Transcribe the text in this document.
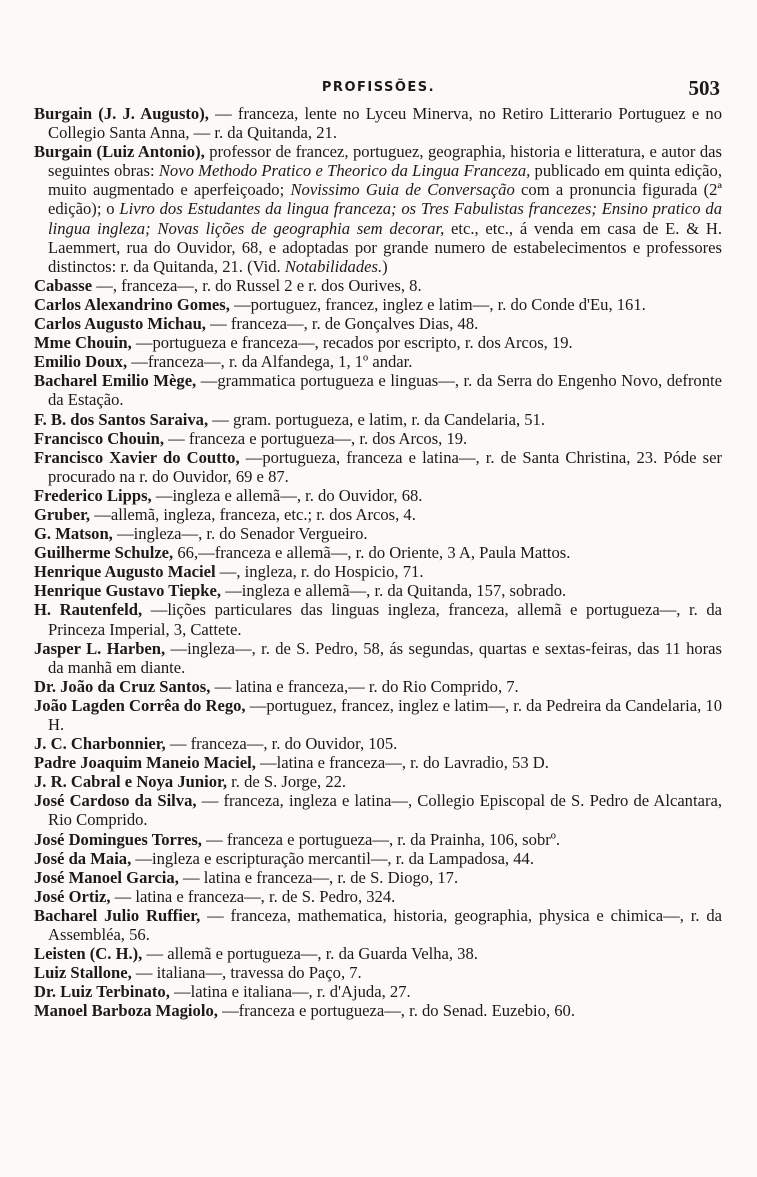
PROFISSÕES.	503

Burgain (J. J. Augusto), — franceza, lente no Lyceu Minerva, no Retiro Litterario Portuguez e no Collegio Santa Anna, — r. da Quitanda, 21.

Burgain (Luiz Antonio), professor de francez, portuguez, geographia, historia e litteratura, e autor das seguintes obras: Novo Methodo Pratico e Theorico da Lingua Franceza, publicado em quinta edição, muito augmentado e aperfeiçoado; Novissimo Guia de Conversação com a pronuncia figurada (2ª edição); o Livro dos Estudantes da lingua franceza; os Tres Fabulistas francezes; Ensino pratico da lingua ingleza; Novas lições de geographia sem decorar, etc., etc., á venda em casa de E. & H. Laemmert, rua do Ouvidor, 68, e adoptadas por grande numero de estabelecimentos e professores distinctos: r. da Quitanda, 21. (Vid. Notabilidades.)

Cabasse —, franceza—, r. do Russel 2 e r. dos Ourives, 8.

Carlos Alexandrino Gomes, —portuguez, francez, inglez e latim—, r. do Conde d'Eu, 161.

Carlos Augusto Michau, — franceza—, r. de Gonçalves Dias, 48.

Mme Chouin, —portugueza e franceza—, recados por escripto, r. dos Arcos, 19.

Emilio Doux, —franceza—, r. da Alfandega, 1, 1º andar.

Bacharel Emilio Mège, —grammatica portugueza e linguas—, r. da Serra do Engenho Novo, defronte da Estação.

F. B. dos Santos Saraiva, — gram. portugueza, e latim, r. da Candelaria, 51.

Francisco Chouin, — franceza e portugueza—, r. dos Arcos, 19.

Francisco Xavier do Coutto, —portugueza, franceza e latina—, r. de Santa Christina, 23. Póde ser procurado na r. do Ouvidor, 69 e 87.

Frederico Lipps, —ingleza e allemã—, r. do Ouvidor, 68.

Gruber, —allemã, ingleza, franceza, etc.; r. dos Arcos, 4.

G. Matson, —ingleza—, r. do Senador Vergueiro.

Guilherme Schulze, 66,—franceza e allemã—, r. do Oriente, 3 A, Paula Mattos.

Henrique Augusto Maciel —, ingleza, r. do Hospicio, 71.

Henrique Gustavo Tiepke, —ingleza e allemã—, r. da Quitanda, 157, sobrado.

H. Rautenfeld, —lições particulares das linguas ingleza, franceza, allemã e portugueza—, r. da Princeza Imperial, 3, Cattete.

Jasper L. Harben, —ingleza—, r. de S. Pedro, 58, ás segundas, quartas e sextas-feiras, das 11 horas da manhã em diante.

Dr. João da Cruz Santos, — latina e franceza,— r. do Rio Comprido, 7.

João Lagden Corrêa do Rego, —portuguez, francez, inglez e latim—, r. da Pedreira da Candelaria, 10 H.

J. C. Charbonnier, — franceza—, r. do Ouvidor, 105.

Padre Joaquim Maneio Maciel, —latina e franceza—, r. do Lavradio, 53 D.

J. R. Cabral e Noya Junior, r. de S. Jorge, 22.

José Cardoso da Silva, — franceza, ingleza e latina—, Collegio Episcopal de S. Pedro de Alcantara, Rio Comprido.

José Domingues Torres, — franceza e portugueza—, r. da Prainha, 106, sobrº.

José da Maia, —ingleza e escripturação mercantil—, r. da Lampadosa, 44.

José Manoel Garcia, — latina e franceza—, r. de S. Diogo, 17.

José Ortiz, — latina e franceza—, r. de S. Pedro, 324.

Bacharel Julio Ruffier, — franceza, mathematica, historia, geographia, physica e chimica—, r. da Assembléa, 56.

Leisten (C. H.), — allemã e portugueza—, r. da Guarda Velha, 38.

Luiz Stallone, — italiana—, travessa do Paço, 7.

Dr. Luiz Terbinato, —latina e italiana—, r. d'Ajuda, 27.

Manoel Barboza Magiolo, —franceza e portugueza—, r. do Senad. Euzebio, 60.
